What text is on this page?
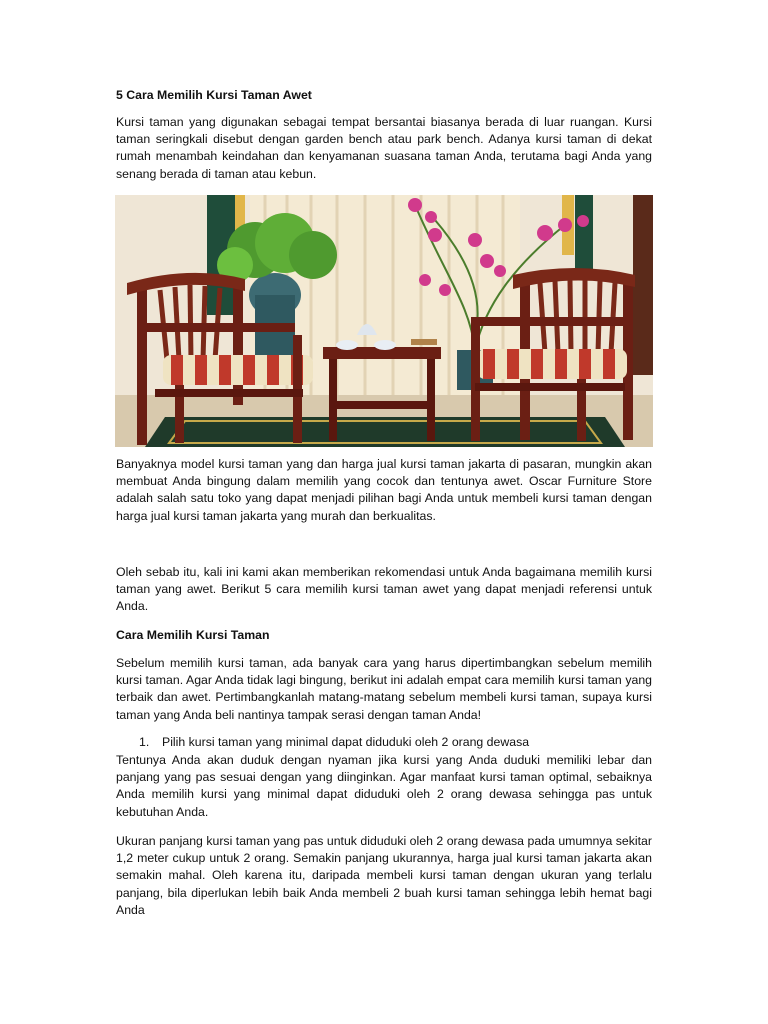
5 Cara Memilih Kursi Taman Awet

Kursi taman yang digunakan sebagai tempat bersantai biasanya berada di luar ruangan. Kursi taman seringkali disebut dengan garden bench atau park bench. Adanya kursi taman di dekat rumah menambah keindahan dan kenyamanan suasana taman Anda, terutama bagi Anda yang senang berada di taman atau kebun.

Banyaknya model kursi taman yang dan harga jual kursi taman jakarta di pasaran, mungkin akan membuat Anda bingung dalam memilih yang cocok dan tentunya awet. Oscar Furniture Store adalah salah satu toko yang dapat menjadi pilihan bagi Anda untuk membeli kursi taman dengan harga jual kursi taman jakarta yang murah dan berkualitas.

Oleh sebab itu, kali ini kami akan memberikan rekomendasi untuk Anda bagaimana memilih kursi taman yang awet. Berikut 5 cara memilih kursi taman awet yang dapat menjadi referensi untuk Anda.

Cara Memilih Kursi Taman

Sebelum memilih kursi taman, ada banyak cara yang harus dipertimbangkan sebelum memilih kursi taman. Agar Anda tidak lagi bingung, berikut ini adalah empat cara memilih kursi taman yang terbaik dan awet. Pertimbangkanlah matang-matang sebelum membeli kursi taman, supaya kursi taman yang Anda beli nantinya tampak serasi dengan taman Anda!

1. Pilih kursi taman yang minimal dapat diduduki oleh 2 orang dewasa

Tentunya Anda akan duduk dengan nyaman jika kursi yang Anda duduki memiliki lebar dan panjang yang pas sesuai dengan yang diinginkan. Agar manfaat kursi taman optimal, sebaiknya Anda memilih kursi yang minimal dapat diduduki oleh 2 orang dewasa sehingga pas untuk kebutuhan Anda.

Ukuran panjang kursi taman yang pas untuk diduduki oleh 2 orang dewasa pada umumnya sekitar 1,2 meter cukup untuk 2 orang. Semakin panjang ukurannya, harga jual kursi taman jakarta akan semakin mahal. Oleh karena itu, daripada membeli kursi taman dengan ukuran yang terlalu panjang, bila diperlukan lebih baik Anda membeli 2 buah kursi taman sehingga lebih hemat bagi Anda
